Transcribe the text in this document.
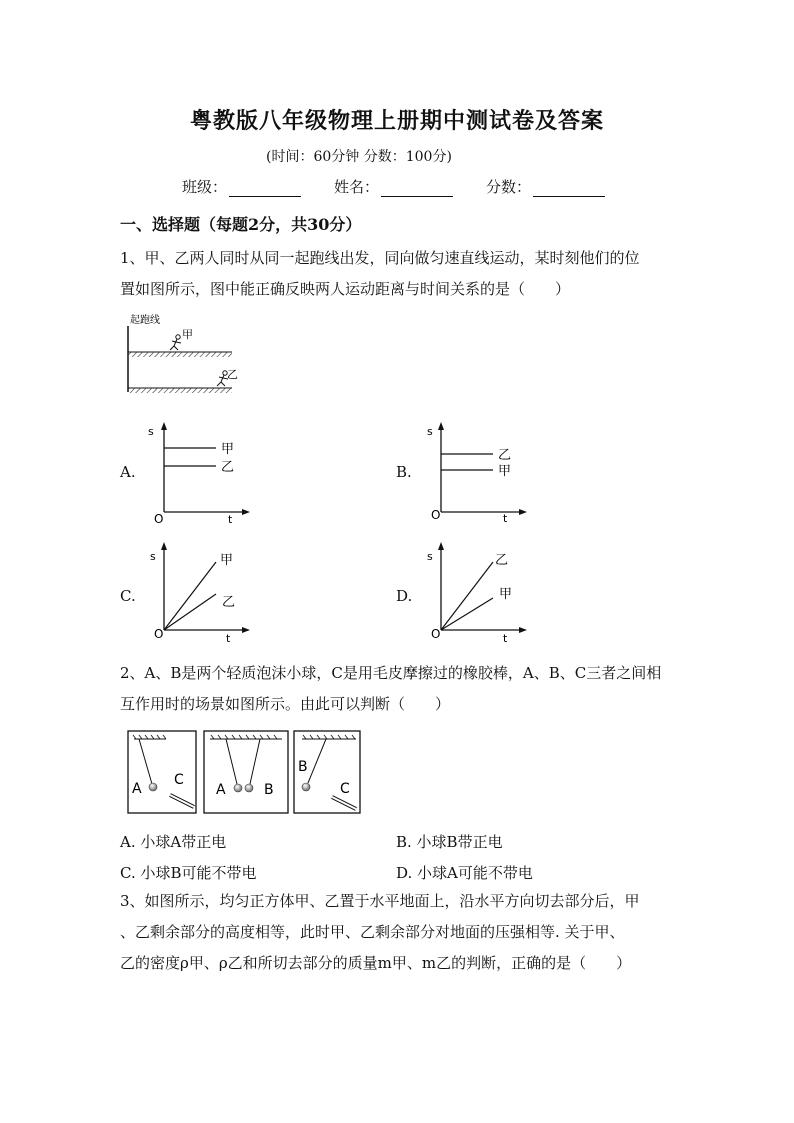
粤教版八年级物理上册期中测试卷及答案
(时间：60分钟 分数：100分)
班级：	姓名：	分数：
一、选择题（每题2分，共30分）
1、甲、乙两人同时从同一起跑线出发，同向做匀速直线运动，某时刻他们的位
置如图所示，图中能正确反映两人运动距离与时间关系的是（　　）
起跑线
甲
乙
A.
甲
乙
s
t
O
B.
乙
甲
s
t
O
C.
甲
乙
s
t
O
D.
乙
甲
s
t
O
2、A、B是两个轻质泡沫小球，C是用毛皮摩擦过的橡胶棒，A、B、C三者之间相
互作用时的场景如图所示。由此可以判断（　　）
A
C
A	B
B
C
A. 小球A带正电	B. 小球B带正电
C. 小球B可能不带电	D. 小球A可能不带电
3、如图所示，均匀正方体甲、乙置于水平地面上，沿水平方向切去部分后，甲
、乙剩余部分的高度相等，此时甲、乙剩余部分对地面的压强相等. 关于甲、
乙的密度ρ甲、ρ乙和所切去部分的质量m甲、m乙的判断，正确的是（　　）
